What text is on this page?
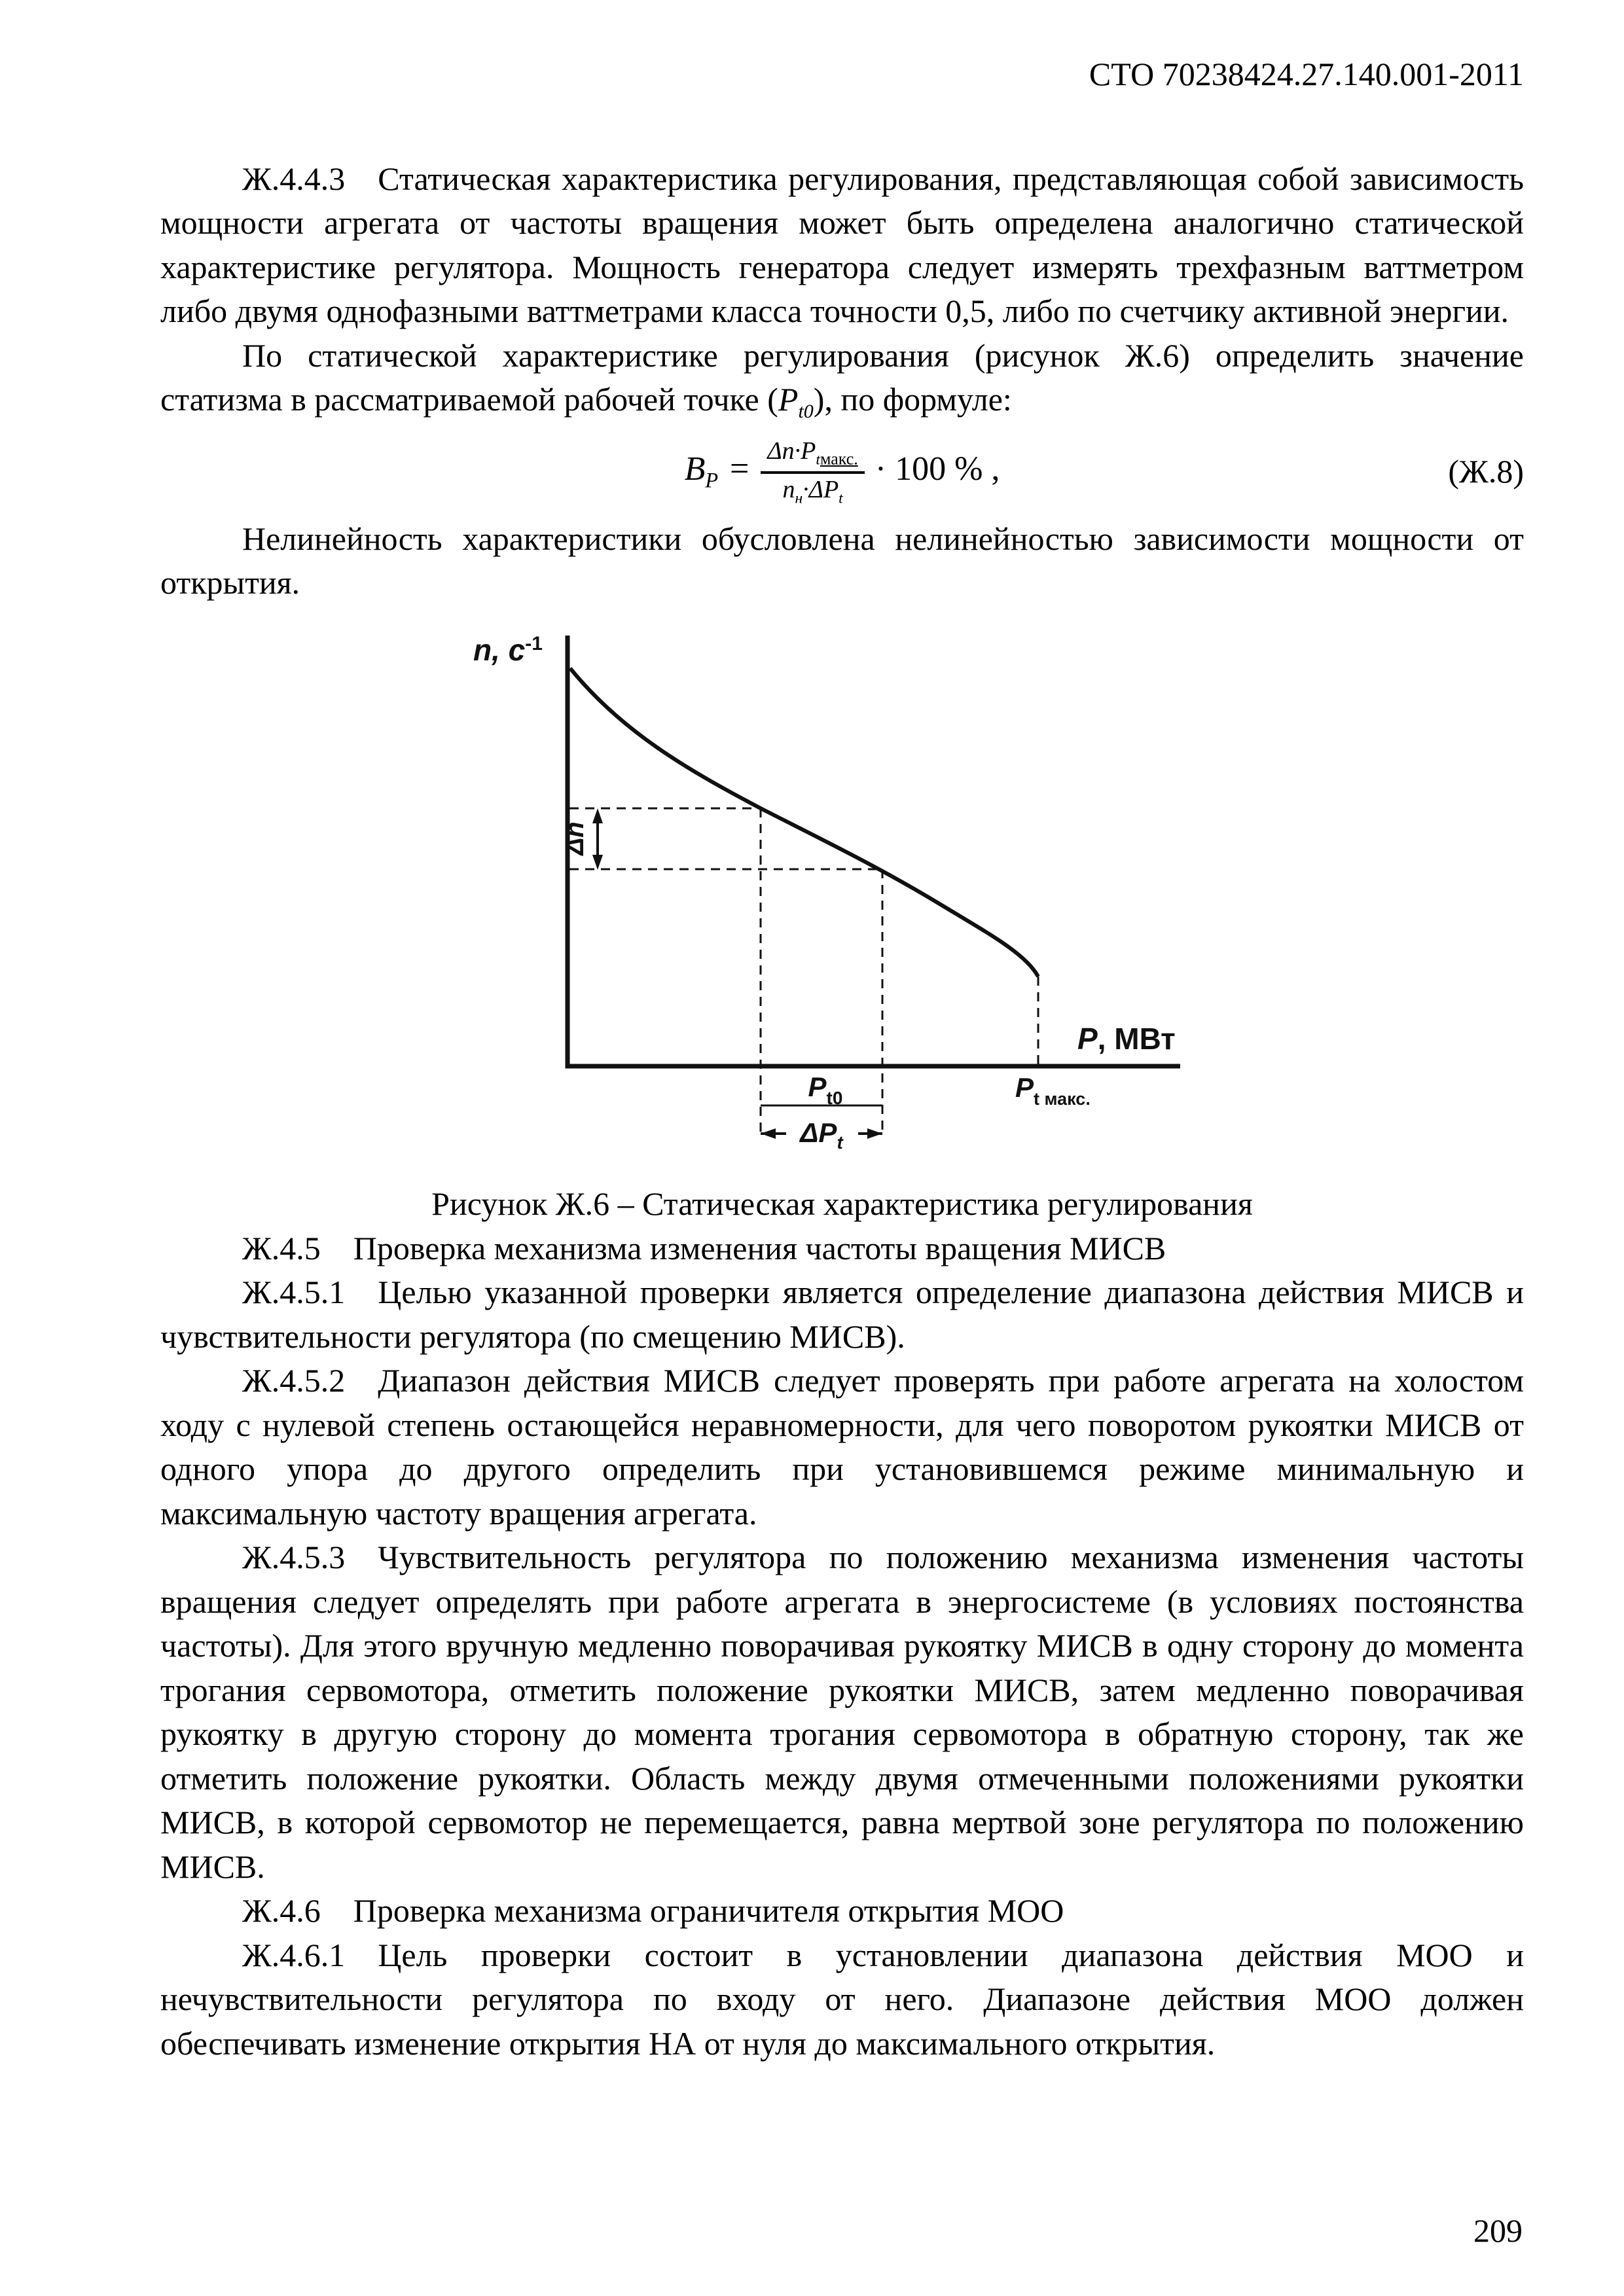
СТО 70238424.27.140.001-2011

Ж.4.4.3 Статическая характеристика регулирования, представляющая собой зависимость мощности агрегата от частоты вращения может быть определена аналогично статической характеристике регулятора. Мощность генератора следует измерять трехфазным ваттметром либо двумя однофазными ваттметрами класса точности 0,5, либо по счетчику активной энергии.

По статической характеристике регулирования (рисунок Ж.6) определить значение статизма в рассматриваемой рабочей точке $(P_{t0})$, по формуле:

$B_P = \frac{\Delta n\cdot P_{tмакс.}}{n_н\cdot\Delta P_t} \cdot 100$ % ,	(Ж.8)

Нелинейность характеристики обусловлена нелинейностью зависимости мощности от открытия.

Δn
$P_{t0}$
$\Delta P_t$
$P_{t макс.}$
n, $c^{-1}$
P, МВт

Рисунок Ж.6 – Статическая характеристика регулирования

Ж.4.5 Проверка механизма изменения частоты вращения МИСВ

Ж.4.5.1 Целью указанной проверки является определение диапазона действия МИСВ и чувствительности регулятора (по смещению МИСВ).

Ж.4.5.2 Диапазон действия МИСВ следует проверять при работе агрегата на холостом ходу с нулевой степень остающейся неравномерности, для чего поворотом рукоятки МИСВ от одного упора до другого определить при установившемся режиме минимальную и максимальную частоту вращения агрегата.

Ж.4.5.3 Чувствительность регулятора по положению механизма изменения частоты вращения следует определять при работе агрегата в энергосистеме (в условиях постоянства частоты). Для этого вручную медленно поворачивая рукоятку МИСВ в одну сторону до момента трогания сервомотора, отметить положение рукоятки МИСВ, затем медленно поворачивая рукоятку в другую сторону до момента трогания сервомотора в обратную сторону, так же отметить положение рукоятки. Область между двумя отмеченными положениями рукоятки МИСВ, в которой сервомотор не перемещается, равна мертвой зоне регулятора по положению МИСВ.

Ж.4.6 Проверка механизма ограничителя открытия МОО

Ж.4.6.1 Цель проверки состоит в установлении диапазона действия МОО и нечувствительности регулятора по входу от него. Диапазоне действия МОО должен обеспечивать изменение открытия НА от нуля до максимального открытия.

209
